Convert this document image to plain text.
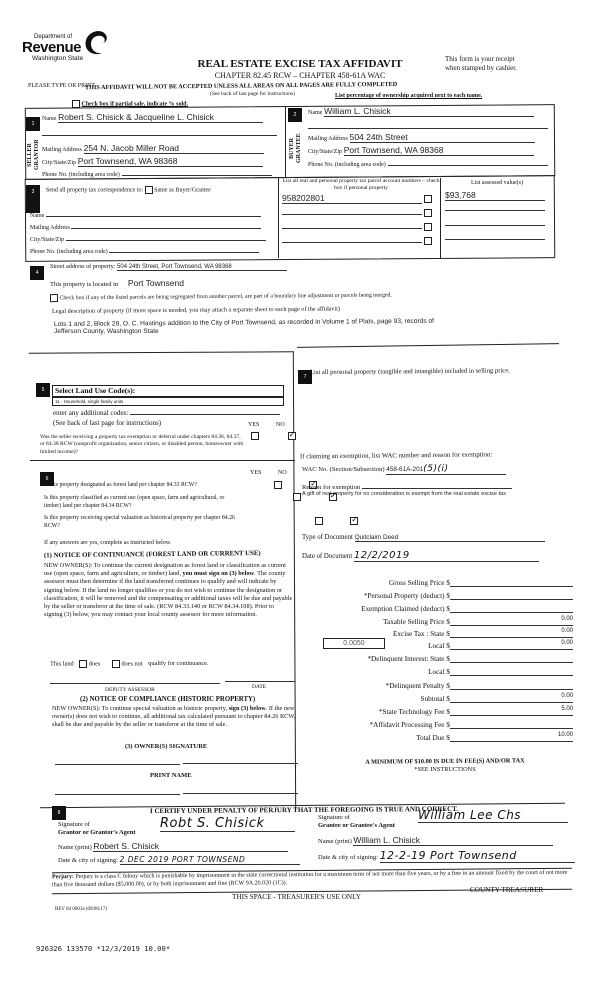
Department of
Revenue
Washington State	REAL ESTATE EXCISE TAX AFFIDAVIT
CHAPTER 82.45 RCW – CHAPTER 458-61A WAC
This form is your receipt
when stamped by cashier.
PLEASE TYPE OR PRINT
THIS AFFIDAVIT WILL NOT BE ACCEPTED UNLESS ALL AREAS ON ALL PAGES ARE FULLY COMPLETED
(See back of last page for instructions)
Check box if partial sale, indicate % sold.
List percentage of ownership acquired next to each name.
1
SELLER
GRANTOR
Name Robert S. Chisick & Jacqueline L. Chisick
Mailing Address 254 N. Jacob Miller Road
City/State/Zip Port Townsend, WA 98368
Phone No. (including area code)
2
BUYER
GRANTEE
Name William L. Chisick
Mailing Address 504 24th Street
City/State/Zip Port Townsend, WA 98368
Phone No. (including area code)
3	Send all property tax correspondence to: Same as Buyer/Grantee
Name
Mailing Address
City/State/Zip
Phone No. (including area code)
List all real and personal property tax parcel account numbers – check box if personal property
List assessed value(s)
958202801	$93,768

4
Street address of property: 504 24th Street, Port Townsend, WA 98368
This property is located in Port Townsend
Check box if any of the listed parcels are being segregated from another parcel, are part of a boundary line adjustment or parcels being merged.
Legal description of property (if more space is needed, you may attach a separate sheet to each page of the affidavit)
Lots 1 and 2, Block 28, O. C. Hastings addition to the City of Port Townsend, as recorded in Volume 1 of Plats, page 93, records of
Jefferson County, Washington State
5	Select Land Use Code(s):
11 - Household, single family units
enter any additional codes:
(See back of last page for instructions)	YES	NO
✓
Was the seller receiving a property tax exemption or deferral under chapters 84.36, 84.37, or 84.38 RCW (nonprofit organization, senior citizen, or disabled person, homeowner with limited income)?
6
YES	NO
Is this property designated as forest land per chapter 84.33 RCW?
✓
Is this property classified as current use (open space, farm and agricultural, or timber) land per chapter 84.34 RCW?
✓
Is this property receiving special valuation as historical property per chapter 84.26 RCW?
✓
If any answers are yes, complete as instructed below.
(1) NOTICE OF CONTINUANCE (FOREST LAND OR CURRENT USE)
NEW OWNER(S): To continue the current designation as forest land or classification as current use (open space, farm and agriculture, or timber) land, you must sign on (3) below. The county assessor must then determine if the land transferred continues to qualify and will indicate by signing below. If the land no longer qualifies or you do not wish to continue the designation or classification, it will be removed and the compensating or additional taxes will be due and payable by the seller or transferor at the time of sale. (RCW 84.33.140 or RCW 84.34.108). Prior to signing (3) below, you may contact your local county assessor for more information.
This land does	does not qualify for continuance.
DEPUTY ASSESSOR	DATE
(2) NOTICE OF COMPLIANCE (HISTORIC PROPERTY)
NEW OWNER(S): To continue special valuation as historic property, sign (3) below. If the new owner(s) does not wish to continue, all additional tax calculated pursuant to chapter 84.26 RCW, shall be due and payable by the seller or transferor at the time of sale.
(3) OWNER(S) SIGNATURE
PRINT NAME
7
List all personal property (tangible and intangible) included in selling price.
If claiming an exemption, list WAC number and reason for exemption:
WAC No. (Section/Subsection) 458-61A-201(5)(i)
Reason for exemption
A gift of real property for no consideration is exempt from the real estate excise tax
Type of Document Quitclaim Deed
Date of Document 12/2/2019
Gross Selling Price $
*Personal Property (deduct) $
Exemption Claimed (deduct) $
Taxable Selling Price $	0.00
Excise Tax : State $	0.00
0.0050	Local $	0.00
*Delinquent Interest: State $
Local $
*Delinquent Penalty $
Subtotal $	0.00
*State Technology Fee $	5.00
*Affidavit Processing Fee $
Total Due $	10.00
A MINIMUM OF $10.00 IS DUE IN FEE(S) AND/OR TAX
*SEE INSTRUCTIONS
8	I CERTIFY UNDER PENALTY OF PERJURY THAT THE FOREGOING IS TRUE AND CORRECT.
Signature of
Grantor or Grantor's Agent
Robt S. Chisick
Name (print) Robert S. Chisick
Date & city of signing: 2 DEC 2019 PORT TOWNSEND
Signature of
Grantee or Grantee's Agent
William Lee Chs
Name (print) William L. Chisick
Date & city of signing: 12-2-19 Port Townsend
Perjury: Perjury is a class C felony which is punishable by imprisonment in the state correctional institution for a maximum term of not more than five years, or by a fine in an amount fixed by the court of not more than five thousand dollars ($5,000.00), or by both imprisonment and fine (RCW 9A.20.020 (1C)).
THIS SPACE - TREASURER'S USE ONLY
COUNTY TREASURER
REV 84 0001a (09/06/17)
926326 133570 *12/3/2019 10.00*
